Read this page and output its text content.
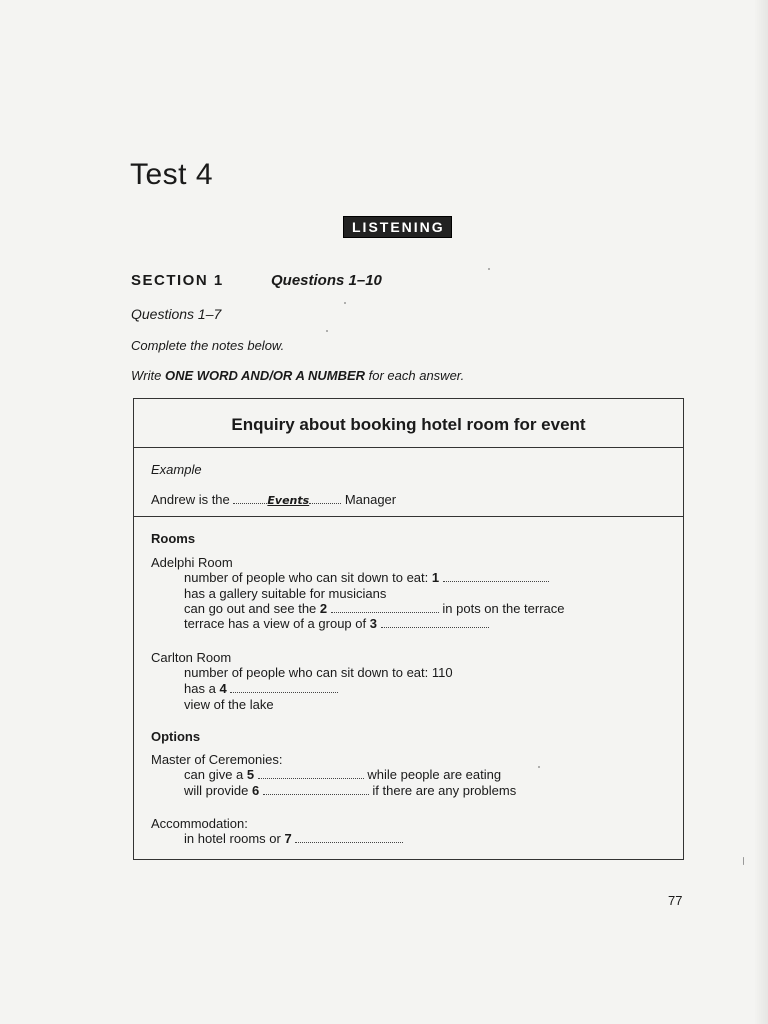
Test 4
LISTENING
SECTION 1	Questions 1–10
Questions 1–7
Complete the notes below.
Write ONE WORD AND/OR A NUMBER for each answer.
Enquiry about booking hotel room for event
Example
Andrew is the	Events	Manager
Rooms
Adelphi Room
number of people who can sit down to eat: 1
has a gallery suitable for musicians
can go out and see the 2	in pots on the terrace
terrace has a view of a group of 3
Carlton Room
number of people who can sit down to eat: 110
has a 4
view of the lake
Options
Master of Ceremonies:
can give a 5	while people are eating
will provide 6	if there are any problems
Accommodation:
in hotel rooms or 7
77
